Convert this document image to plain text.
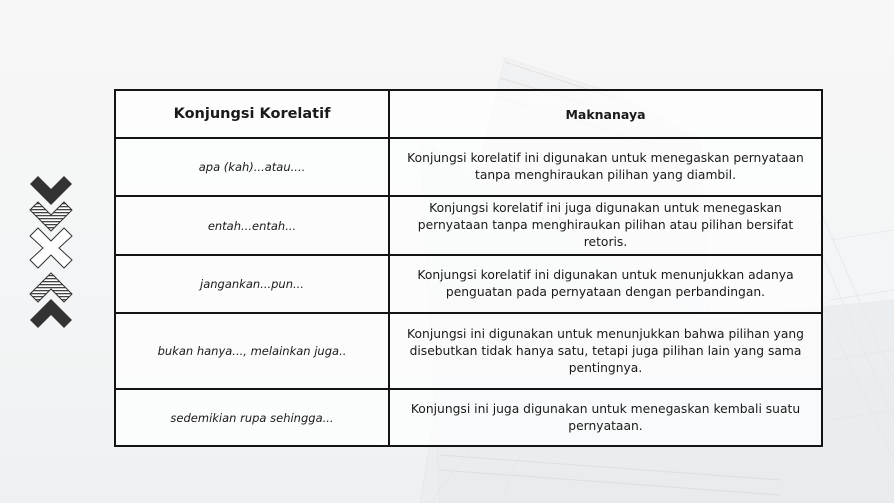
Konjungsi Korelatif	Maknanaya
apa (kah)...atau....	Konjungsi korelatif ini digunakan untuk menegaskan pernyataan tanpa menghiraukan pilihan yang diambil.
entah...entah...	Konjungsi korelatif ini juga digunakan untuk menegaskan pernyataan tanpa menghiraukan pilihan atau pilihan bersifat retoris.
jangankan...pun...	Konjungsi korelatif ini digunakan untuk menunjukkan adanya penguatan pada pernyataan dengan perbandingan.
bukan hanya..., melainkan juga..	Konjungsi ini digunakan untuk menunjukkan bahwa pilihan yang disebutkan tidak hanya satu, tetapi juga pilihan lain yang sama pentingnya.
sedemikian rupa sehingga...	Konjungsi ini juga digunakan untuk menegaskan kembali suatu pernyataan.
